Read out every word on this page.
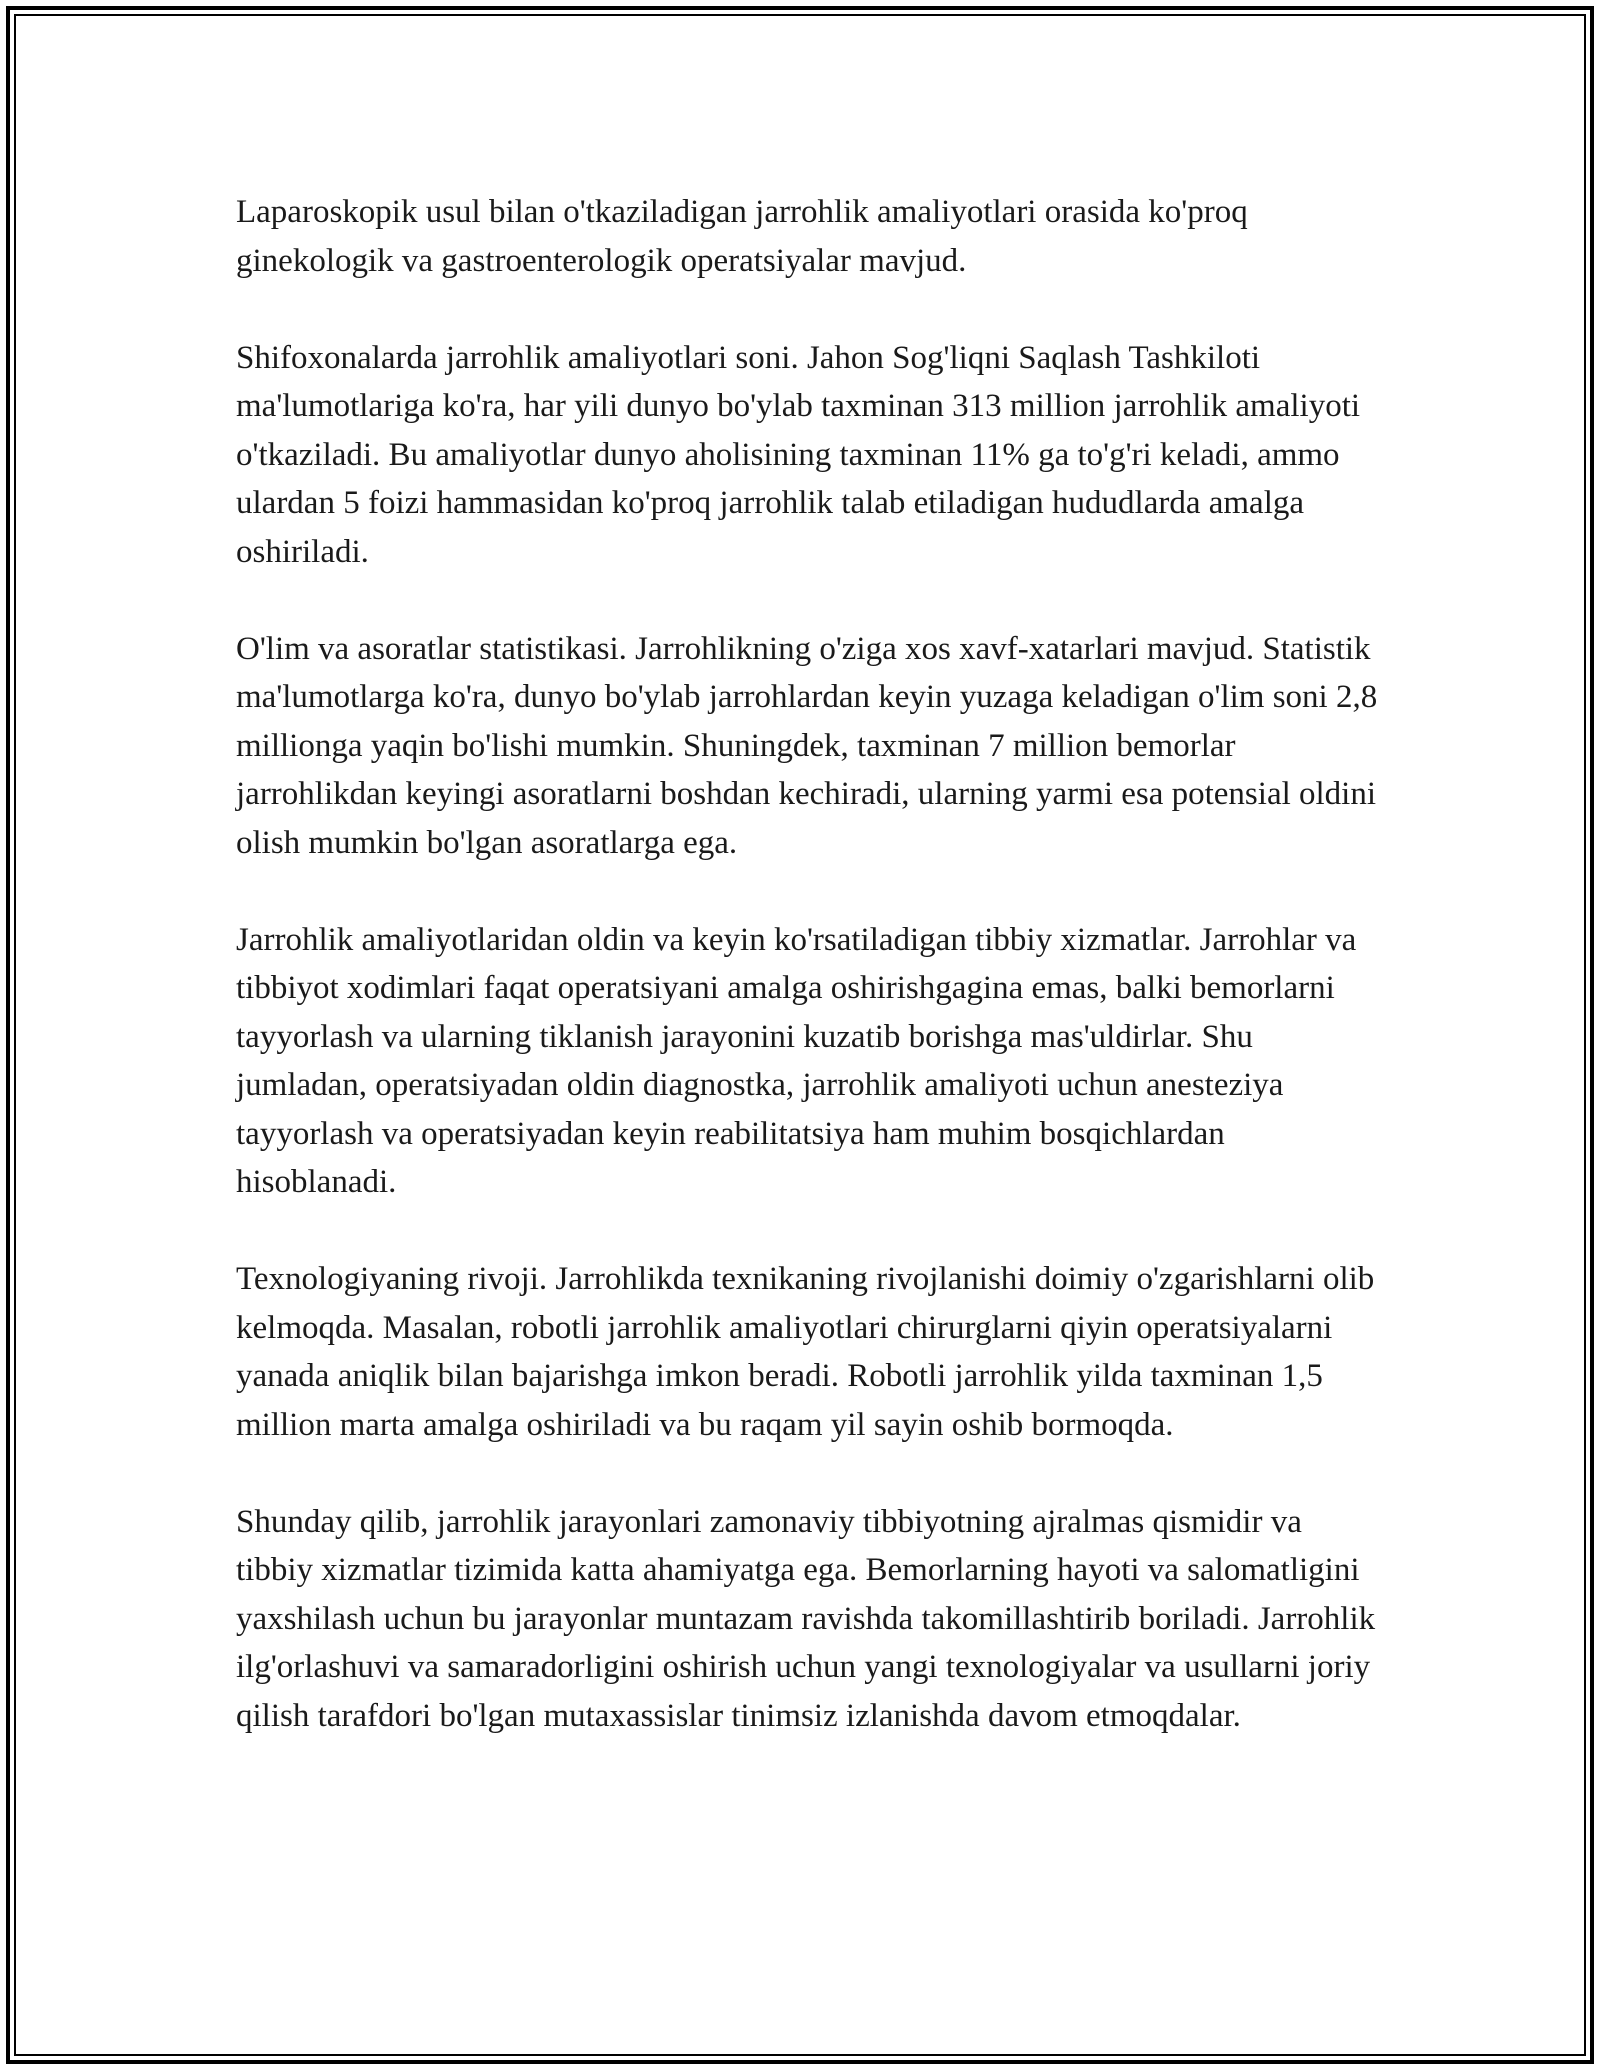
Laparoskopik usul bilan o'tkaziladigan jarrohlik amaliyotlari orasida ko'proq ginekologik va gastroenterologik operatsiyalar mavjud.

Shifoxonalarda jarrohlik amaliyotlari soni. Jahon Sog'liqni Saqlash Tashkiloti ma'lumotlariga ko'ra, har yili dunyo bo'ylab taxminan 313 million jarrohlik amaliyoti o'tkaziladi. Bu amaliyotlar dunyo aholisining taxminan 11% ga to'g'ri keladi, ammo ulardan 5 foizi hammasidan ko'proq jarrohlik talab etiladigan hududlarda amalga oshiriladi.

O'lim va asoratlar statistikasi. Jarrohlikning o'ziga xos xavf-xatarlari mavjud. Statistik ma'lumotlarga ko'ra, dunyo bo'ylab jarrohlardan keyin yuzaga keladigan o'lim soni 2,8 millionga yaqin bo'lishi mumkin. Shuningdek, taxminan 7 million bemorlar jarrohlikdan keyingi asoratlarni boshdan kechiradi, ularning yarmi esa potensial oldini olish mumkin bo'lgan asoratlarga ega.

Jarrohlik amaliyotlaridan oldin va keyin ko'rsatiladigan tibbiy xizmatlar. Jarrohlar va tibbiyot xodimlari faqat operatsiyani amalga oshirishgagina emas, balki bemorlarni tayyorlash va ularning tiklanish jarayonini kuzatib borishga mas'uldirlar. Shu jumladan, operatsiyadan oldin diagnostka, jarrohlik amaliyoti uchun anesteziya tayyorlash va operatsiyadan keyin reabilitatsiya ham muhim bosqichlardan hisoblanadi.

Texnologiyaning rivoji. Jarrohlikda texnikaning rivojlanishi doimiy o'zgarishlarni olib kelmoqda. Masalan, robotli jarrohlik amaliyotlari chirurglarni qiyin operatsiyalarni yanada aniqlik bilan bajarishga imkon beradi. Robotli jarrohlik yilda taxminan 1,5 million marta amalga oshiriladi va bu raqam yil sayin oshib bormoqda.

Shunday qilib, jarrohlik jarayonlari zamonaviy tibbiyotning ajralmas qismidir va tibbiy xizmatlar tizimida katta ahamiyatga ega. Bemorlarning hayoti va salomatligini yaxshilash uchun bu jarayonlar muntazam ravishda takomillashtirib boriladi. Jarrohlik ilg'orlashuvi va samaradorligini oshirish uchun yangi texnologiyalar va usullarni joriy qilish tarafdori bo'lgan mutaxassislar tinimsiz izlanishda davom etmoqdalar.
